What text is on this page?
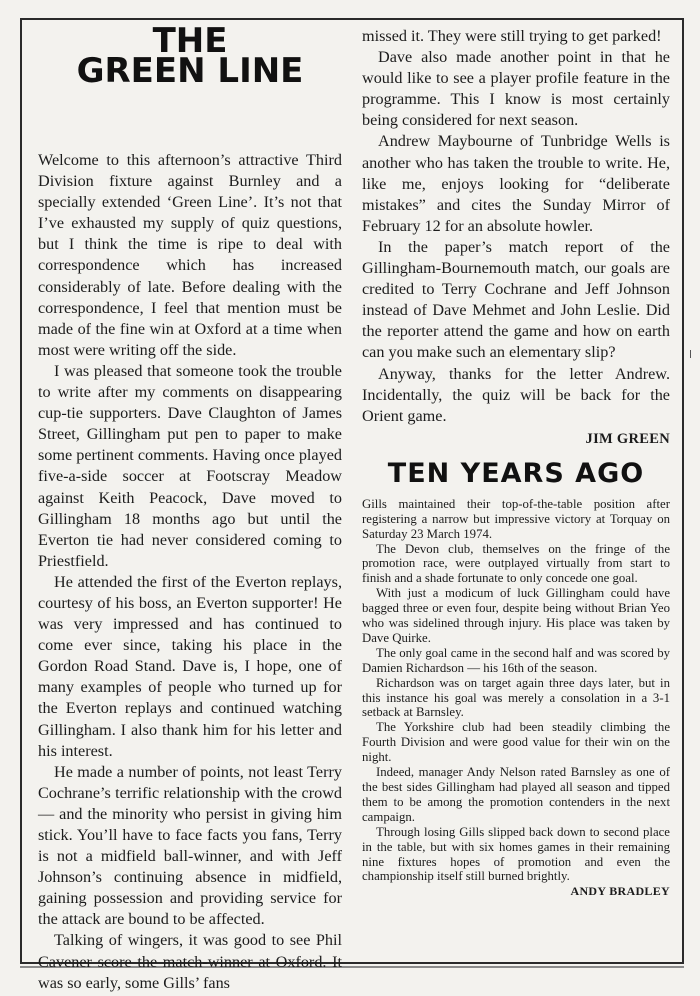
THE
GREEN LINE

Welcome to this afternoon’s attractive Third Division fixture against Burnley and a specially extended ‘Green Line’. It’s not that I’ve exhausted my supply of quiz questions, but I think the time is ripe to deal with correspondence which has increased considerably of late. Before dealing with the correspondence, I feel that mention must be made of the fine win at Oxford at a time when most were writing off the side.

I was pleased that someone took the trouble to write after my comments on disappearing cup-tie supporters. Dave Claughton of James Street, Gillingham put pen to paper to make some pertinent comments. Having once played five-a-side soccer at Footscray Meadow against Keith Peacock, Dave moved to Gillingham 18 months ago but until the Everton tie had never considered coming to Priestfield.

He attended the first of the Everton replays, courtesy of his boss, an Everton supporter! He was very impressed and has continued to come ever since, taking his place in the Gordon Road Stand. Dave is, I hope, one of many examples of people who turned up for the Everton replays and continued watching Gillingham. I also thank him for his letter and his interest.

He made a number of points, not least Terry Cochrane’s terrific relationship with the crowd — and the minority who persist in giving him stick. You’ll have to face facts you fans, Terry is not a midfield ball-winner, and with Jeff Johnson’s continuing absence in midfield, gaining possession and providing service for the attack are bound to be affected.

Talking of wingers, it was good to see Phil Cavener score the match-winner at Oxford. It was so early, some Gills’ fans

missed it. They were still trying to get parked!

Dave also made another point in that he would like to see a player profile feature in the programme. This I know is most certainly being considered for next season.

Andrew Maybourne of Tunbridge Wells is another who has taken the trouble to write. He, like me, enjoys looking for “deliberate mistakes” and cites the Sunday Mirror of February 12 for an absolute howler.

In the paper’s match report of the Gillingham-Bournemouth match, our goals are credited to Terry Cochrane and Jeff Johnson instead of Dave Mehmet and John Leslie. Did the reporter attend the game and how on earth can you make such an elementary slip?

Anyway, thanks for the letter Andrew. Incidentally, the quiz will be back for the Orient game.

JIM GREEN
TEN YEARS AGO

Gills maintained their top-of-the-table position after registering a narrow but impressive victory at Torquay on Saturday 23 March 1974.

The Devon club, themselves on the fringe of the promotion race, were outplayed virtually from start to finish and a shade fortunate to only concede one goal.

With just a modicum of luck Gillingham could have bagged three or even four, despite being without Brian Yeo who was sidelined through injury. His place was taken by Dave Quirke.

The only goal came in the second half and was scored by Damien Richardson — his 16th of the season.

Richardson was on target again three days later, but in this instance his goal was merely a consolation in a 3-1 setback at Barnsley.

The Yorkshire club had been steadily climbing the Fourth Division and were good value for their win on the night.

Indeed, manager Andy Nelson rated Barnsley as one of the best sides Gillingham had played all season and tipped them to be among the promotion contenders in the next campaign.

Through losing Gills slipped back down to second place in the table, but with six homes games in their remaining nine fixtures hopes of promotion and even the championship itself still burned brightly.

ANDY BRADLEY
